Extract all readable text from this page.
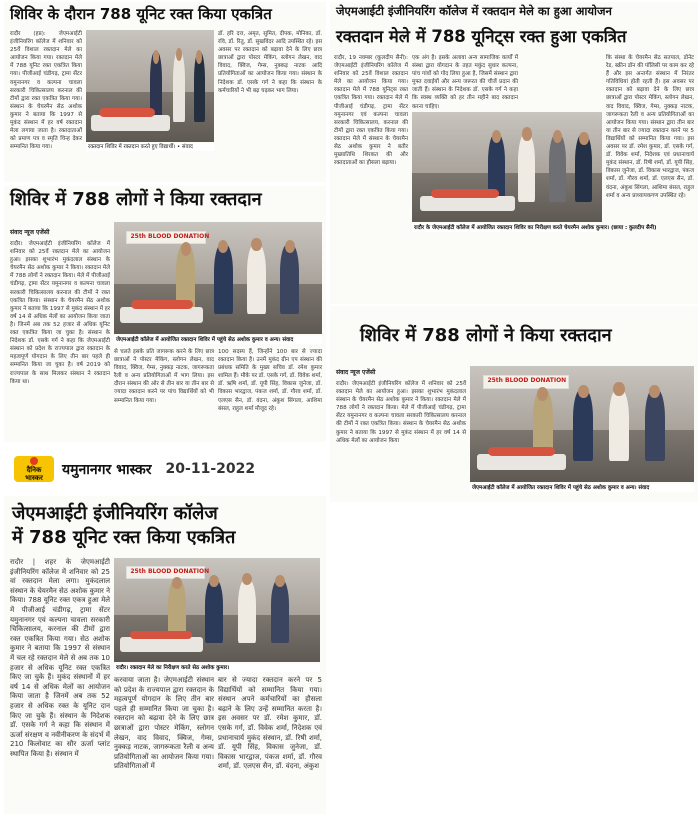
शिविर के दौरान 788 यूनिट रक्त किया एकत्रित
रादौर (हप्र): जेएमआईटी इंजीनियरिंग कॉलेज में शनिवार को 25वें विशाल रक्तदान मेले का आयोजन किया गया। रक्तदान मेले में 788 यूनिट रक्त एकत्रित किया गया। पीजीआई चंडीगढ़, ट्रामा सेंटर यमुनानगर व कल्पना चावला सरकारी चिकित्सालय करनाल की टीमों द्वारा रक्त एकत्रित किया गया। संस्थान के चेयरमैन सेठ अशोक कुमार ने बताया कि 1997 से मुकंद संस्थान में हर वर्ष रक्तदान मेला लगाया जाता है। रक्तदाताओं को प्रमाण पत्र व स्मृति चिन्ह देकर सम्मानित किया गया।	रक्तदान शिविर में रक्तदान करते हुए विद्यार्थी। • संवाद
डॉ. हरि दत्त, अमृत, सुमित, दीपक, मोनिका, डॉ. रवि, डॉ. रितु, डॉ. सुखविंदर आदि उपस्थित रहे। इस अवसर पर रक्तदान को बढ़ावा देने के लिए छात्र छात्राओं द्वारा पोस्टर मेकिंग, स्लोगन लेखन, वाद विवाद, क्विज, गेम्स, नुक्कड़ नाटक आदि प्रतियोगिताओं का आयोजन किया गया। संस्थान के निदेशक डॉ. एसके गर्ग ने कहा कि संस्थान के कर्मचारियों ने भी बढ़ चढ़कर भाग लिया।
जेएमआईटी इंजीनियरिंग कॉलेज में रक्तदान मेले का हुआ आयोजन
रक्तदान मेले में 788 यूनिट्स रक्त हुआ एकत्रित
रादौर, 19 नवम्बर (कुलदीप सैनी): जेएमआईटी इंजीनियरिंग कॉलेज में शनिवार को 25वें विशाल रक्तदान मेले का आयोजन किया गया। रक्तदान मेले में 788 यूनिट्स रक्त एकत्रित किया गया। रक्तदान मेले में पीजीआई चंडीगढ़, ट्रामा सेंटर यमुनानगर एवं कल्पना चावला सरकारी चिकित्सालय, करनाल की टीमों द्वारा रक्त एकत्रित किया गया। रक्तदान मेले में संस्थान के चेयरमैन सेठ अशोक कुमार ने बतौर मुख्यातिथि शिरकत की और रक्तदाताओं का हौसला बढ़ाया।
एक अंग है। इसके अलावा अन्य सामाजिक कार्यों में संस्था द्वारा योगदान के तहत मकुंद सुधार कल्पना, पांच गांवों को गोद लिया हुआ है, जिसमें संस्थान द्वारा मुफ्त दवाईयों और अन्य जरूरत की चीजें प्रदान की जाती हैं। संस्थान के निदेशक डॉ. एसके गर्ग ने कहा कि स्वस्थ व्यक्ति को हर तीन महीने बाद रक्तदान करना चाहिए।
रादौर के जेएमआईटी कॉलेज में आयोजित रक्तदान शिविर का निरीक्षण करते चेयरमैन अशोक कुमार। (छाया : कुलदीप सैनी)
कि संस्था के चेयरमैन सेठ सतपाल, डोनेट रेड, स्क्रीन डॉन की पॉलिसी पर काम कर रहे हैं और इस अन्तर्गत संस्थान में निरंतर गतिविधियां होती रहती हैं। इस अवसर पर रक्तदान को बढ़ावा देने के लिए छात्र छात्राओं द्वारा पोस्टर मेकिंग, स्लोगन लेखन, वाद विवाद, क्विज, गेम्स, नुक्कड़ नाटक, जागरूकता रैली व अन्य प्रतियोगिताओं का आयोजन किया गया। संस्थान द्वारा तीन बार या तीन बार से ज्यादा रक्तदान करने पर 5 विद्यार्थियों को सम्मानित किया गया। इस अवसर पर डॉ. रमेश कुमार, डॉ. एसके गर्ग, डॉ. विवेक शर्मा, निदेशक एवं प्रधानाचार्य मुकंद संस्थान, डॉ. रिषी शर्मा, डॉ. यूपी सिंह, विकास जुनेजा, डॉ. विकास भारद्वाज, पंकज शर्मा, डॉ. गौरव शर्मा, डॉ. एलएस सैन, डॉ. वंदना, अंकुश सिंगला, आशिमा बंसल, राहुल शर्मा व अन्य प्राध्यापकगण उपस्थित रहे।
शिविर में 788 लोगों ने किया रक्तदान
संवाद न्यूज एजेंसी
रादौर। जेएमआईटी इंजीनियरिंग कॉलेज में शनिवार को 25वें रक्तदान मेले का आयोजन हुआ। इसका शुभारंभ मुकंदलाल संस्थान के चेयरमैन सेठ अशोक कुमार ने किया। रक्तदान मेले में 788 लोगों ने रक्तदान किया। मेले में पीजीआई चंडीगढ़, ट्रामा सेंटर यमुनानगर व कल्पना चावला सरकारी चिकित्सालय करनाल की टीमों ने रक्त एकत्रित किया। संस्थान के चेयरमैन सेठ अशोक कुमार ने बताया कि 1997 से मुकंद संस्थान में हर वर्ष 14 से अधिक मेलों का आयोजन किया जाता है। जिनमें अब तक 52 हजार से अधिक यूनिट रक्त एकत्रित किया जा चुका है। संस्थान के निदेशक डॉ. एसके गर्ग ने कहा कि जेएमआईटी संस्थान को प्रदेश के राज्यपाल द्वारा रक्तदान के महत्वपूर्ण योगदान के लिए तीन बार पहले ही सम्मानित किया जा चुका है। वर्ष 2019 को राज्यपाल के साथ मिलकर संस्थान ने रक्तदान किया था।
25th BLOOD DONATION
जेएमआईटी कॉलेज में आयोजित रक्तदान शिविर में पहुंचे सेठ अशोक कुमार व अन्य। संवाद
से चलते इसके प्रति जागरूक करने के लिए छात्र छात्राओं ने पोस्टर मेकिंग, स्लोगन लेखन, वाद विवाद, क्विज, गेम्स, नुक्कड़ नाटक, जागरूकता रैली व अन्य प्रतियोगिताओं में भाग लिया। इस दौरान संस्थान की ओर से तीन बार या तीन बार से ज्यादा रक्तदान करने पर पांच विद्यार्थियों को भी सम्मानित किया गया।
100 सदस्य हैं, जिन्होंने 100 बार से ज्यादा रक्तदान किया है। उनमें मुकंद ग्रीन एप संस्थान की प्रबंधक समिति के मुख्य सचिव डॉ. रमेश कुमार शामिल हैं। मौके पर डॉ. एसके गर्ग, डॉ. विवेक शर्मा, डॉ. ऋषि शर्मा, डॉ. यूपी सिंह, विकास जुनेजा, डॉ. विकास भारद्वाज, पंकज शर्मा, डॉ. गौरव शर्मा, डॉ. एलएस सैन, डॉ. वंदना, अंकुश सिंगला, आशिमा बंसल, राहुल शर्मा मौजूद रहे।
शिविर में 788 लोगों ने किया रक्तदान
संवाद न्यूज एजेंसी
रादौर। जेएमआईटी इंजीनियरिंग कॉलेज में शनिवार को 25वें रक्तदान मेले का आयोजन हुआ। इसका शुभारंभ मुकंदलाल संस्थान के चेयरमैन सेठ अशोक कुमार ने किया। रक्तदान मेले में 788 लोगों ने रक्तदान किया। मेले में पीजीआई चंडीगढ़, ट्रामा सेंटर यमुनानगर व कल्पना चावला सरकारी चिकित्सालय करनाल की टीमों ने रक्त एकत्रित किया। संस्थान के चेयरमैन सेठ अशोक कुमार ने बताया कि 1997 से मुकंद संस्थान में हर वर्ष 14 से अधिक मेलों का आयोजन किया
25th BLOOD DONATION
जेएमआईटी कॉलेज में आयोजित रक्तदान शिविर में पहुंचे सेठ अशोक कुमार व अन्य। संवाद
दैनिक
भास्कर यमुनानगर भास्कर 20-11-2022
जेएमआईटी इंजीनियरिंग कॉलेज
में 788 यूनिट रक्त किया एकत्रित
रादौर | शहर के जेएमआईटी इंजीनियरिंग कॉलेज में शनिवार को 25 वां रक्तदान मेला लगा। मुकंदलाल संस्थान के चेयरमैन सेठ अशोक कुमार ने किया। 788 यूनिट रक्त एकत्र हुआ मेले में पीजीआई चंडीगढ़, ट्रामा सेंटर यमुनानगर एवं कल्पना चावला सरकारी चिकित्सालय, करनाल की टीमों द्वारा रक्त एकत्रित किया गया। सेठ अशोक कुमार ने बताया कि 1997 से संस्थान में चल रहे रक्तदान मेले से अब तक 10 हजार से अधिक यूनिट रक्त एकत्रित किए जा चुके हैं। मुकंद संस्थानों में हर वर्ष 14 से अधिक मेलों का आयोजन किया जाता है जिनमें अब तक 52 हजार से अधिक रक्त के यूनिट दान किए जा चुके हैं। संस्थान के निदेशक डॉ. एसके गर्ग ने कहा कि संस्थान में ऊर्जा संरक्षण व नवीनीकरण के संदर्भ में 210 किलोवाट का सौर ऊर्जा प्लांट स्थापित किया है। संस्थान में
25th BLOOD DONATION
रादौर। रक्तदान मेले का निरीक्षण करते सेठ अशोक कुमार।
करवाया जाता है। जेएमआईटी संस्थान को प्रदेश के राज्यपाल द्वारा रक्तदान के महत्वपूर्ण योगदान के लिए तीन बार पहले ही सम्मानित किया जा चुका है। रक्तदान को बढ़ावा देने के लिए छात्र छात्राओं द्वारा पोस्टर मेकिंग, स्लोगन लेखन, वाद विवाद, क्विज, गेम्स, नुक्कड़ नाटक, जागरूकता रैली व अन्य प्रतियोगिताओं का आयोजन किया गया। प्रतियोगिताओं में
बार से ज्यादा रक्तदान करने पर 5 विद्यार्थियों को सम्मानित किया गया। संस्थान अपने कर्मचारियों का हौसला बढ़ाने के लिए उन्हें सम्मानित करता है। इस अवसर पर डॉ. रमेश कुमार, डॉ. एसके गर्ग, डॉ. विवेक शर्मा, निदेशक एवं प्रधानाचार्य मुकंद संस्थान, डॉ. रिषी शर्मा, डॉ. यूपी सिंह, विकास जुनेजा, डॉ. विकास भारद्वाज, पंकज शर्मा, डॉ. गौरव शर्मा, डॉ. एलएस सैन, डॉ. वंदना, अंकुश
